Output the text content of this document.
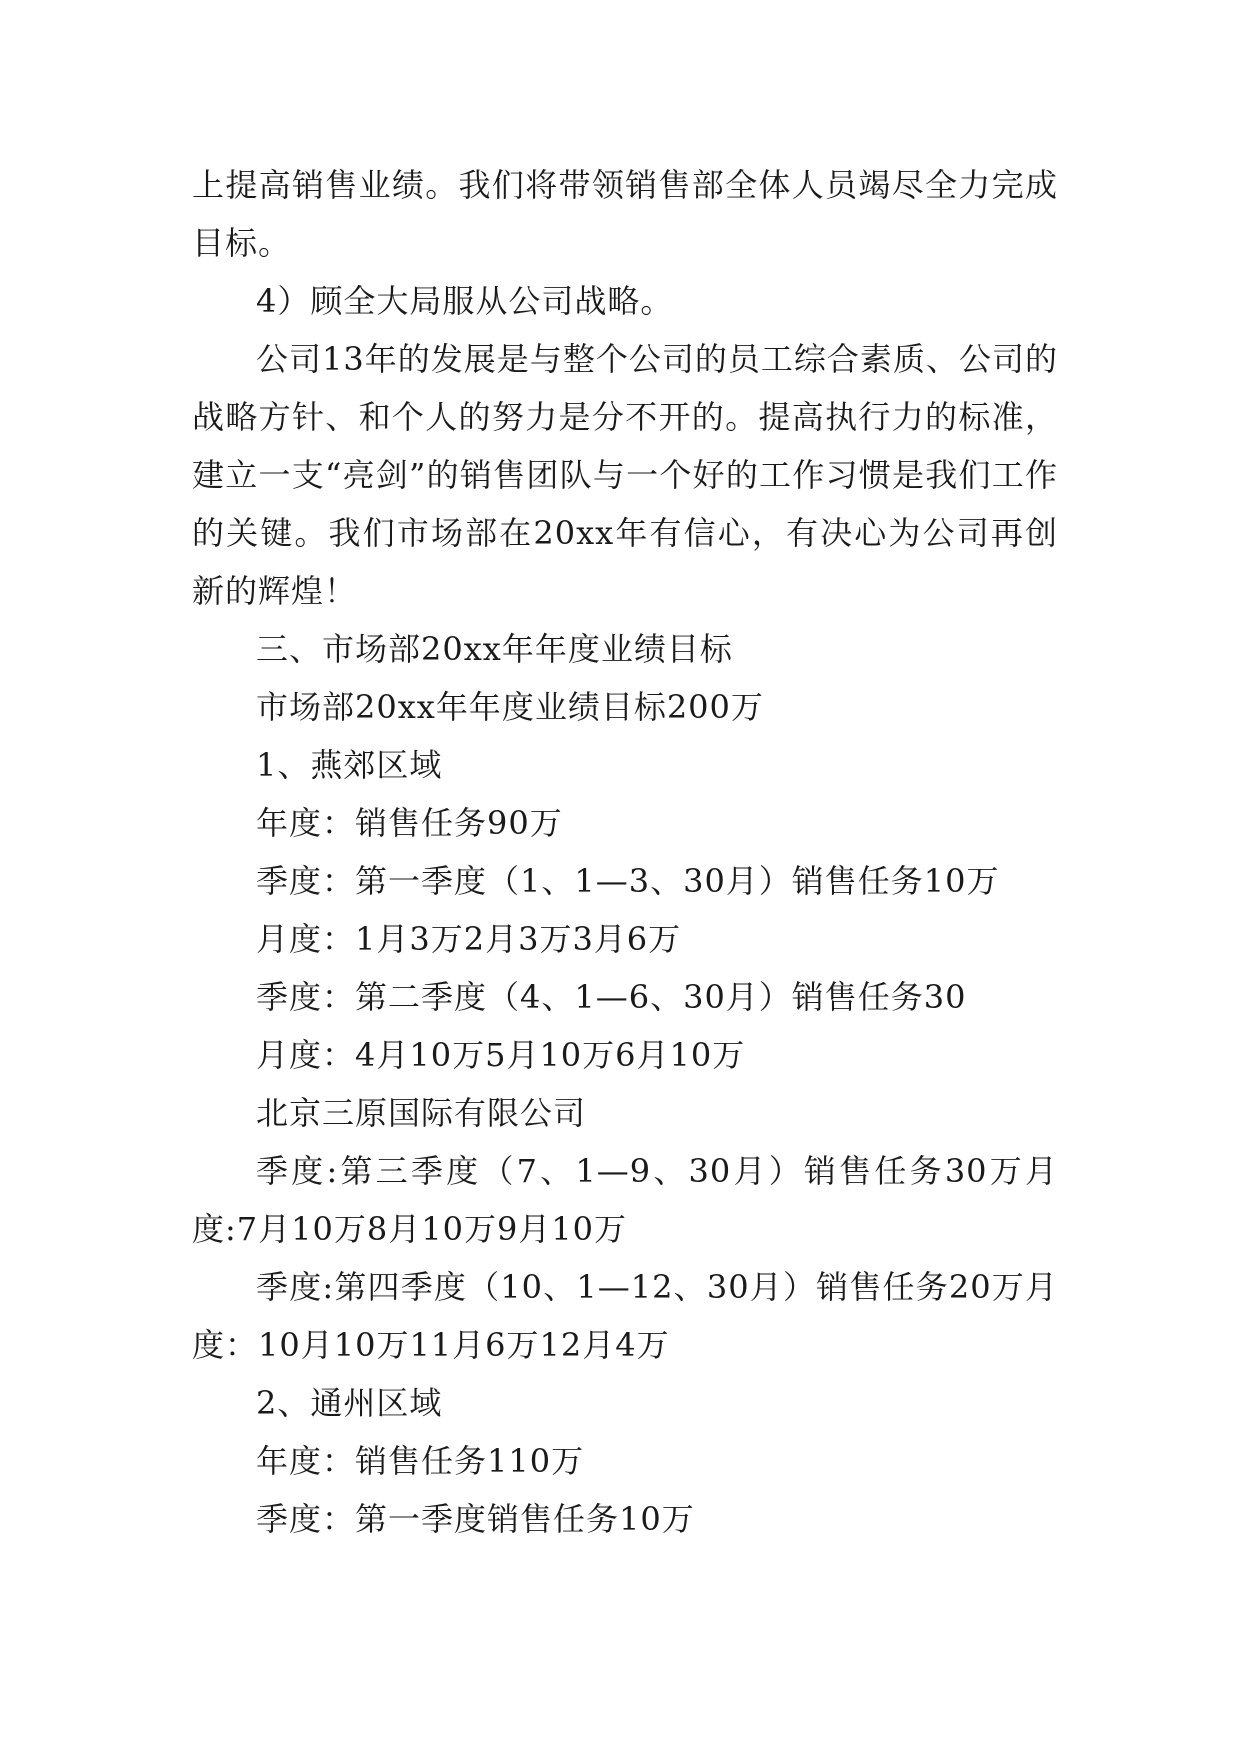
上提高销售业绩。我们将带领销售部全体人员竭尽全力完成目标。

4）顾全大局服从公司战略。

公司13年的发展是与整个公司的员工综合素质、公司的战略方针、和个人的努力是分不开的。提高执行力的标准，建立一支“亮剑”的销售团队与一个好的工作习惯是我们工作的关键。我们市场部在20xx年有信心，有决心为公司再创新的辉煌！

三、市场部20xx年年度业绩目标

市场部20xx年年度业绩目标200万

1、燕郊区域

年度：销售任务90万

季度：第一季度（1、1—3、30月）销售任务10万

月度：1月3万2月3万3月6万

季度：第二季度（4、1—6、30月）销售任务30

月度：4月10万5月10万6月10万

北京三原国际有限公司

季度:第三季度（7、1—9、30月）销售任务30万月度:7月10万8月10万9月10万

季度:第四季度（10、1—12、30月）销售任务20万月度：10月10万11月6万12月4万

2、通州区域

年度：销售任务110万

季度：第一季度销售任务10万
